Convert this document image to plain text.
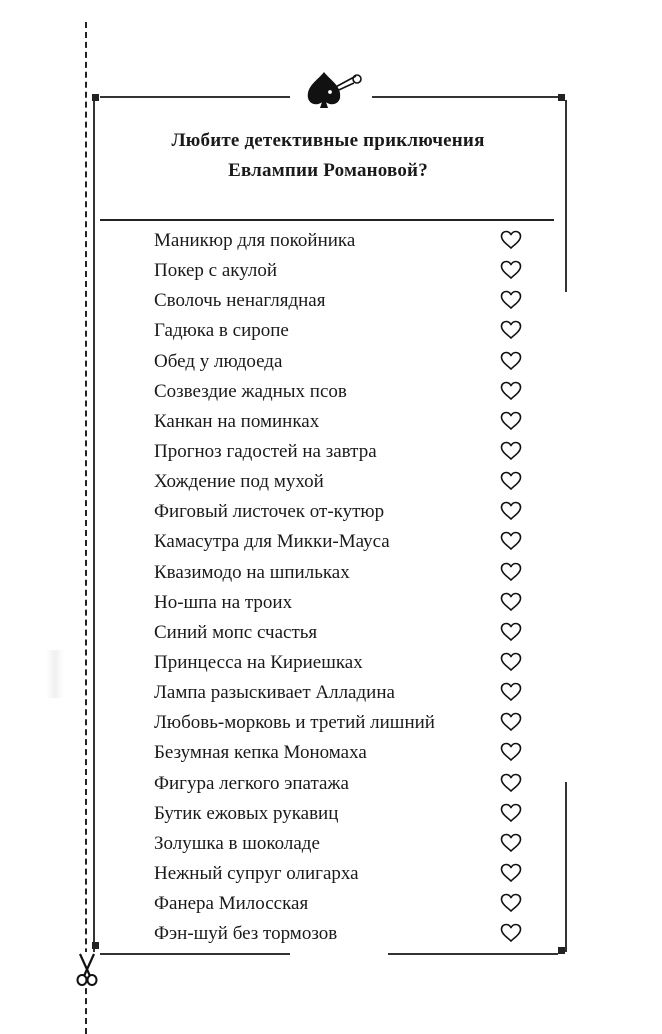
Любите детективные приключения
Евлампии Романовой?
Маникюр для покойника
Покер с акулой
Сволочь ненаглядная
Гадюка в сиропе
Обед у людоеда
Созвездие жадных псов
Канкан на поминках
Прогноз гадостей на завтра
Хождение под мухой
Фиговый листочек от-кутюр
Камасутра для Микки-Мауса
Квазимодо на шпильках
Но-шпа на троих
Синий мопс счастья
Принцесса на Кириешках
Лампа разыскивает Алладина
Любовь-морковь и третий лишний
Безумная кепка Мономаха
Фигура легкого эпатажа
Бутик ежовых рукавиц
Золушка в шоколаде
Нежный супруг олигарха
Фанера Милосская
Фэн-шуй без тормозов
